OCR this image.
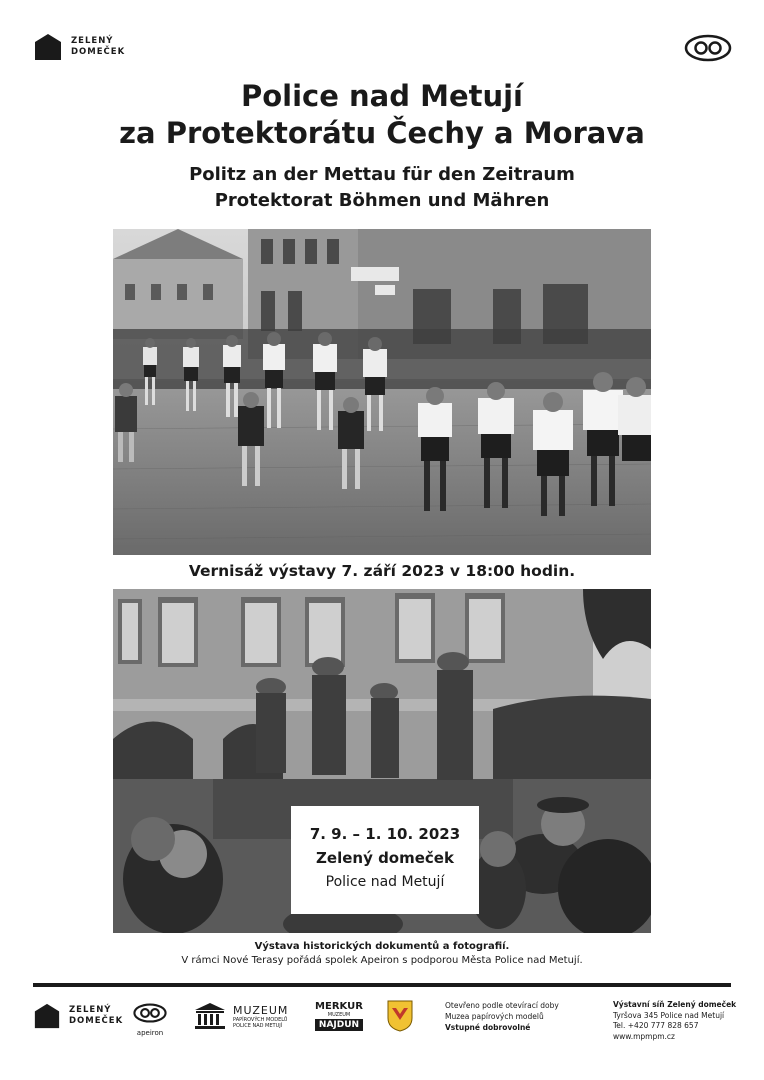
ZELENÝ
DOMEČEK
Police nad Metují
za Protektorátu Čechy a Morava
Politz an der Mettau für den Zeitraum
Protektorat Böhmen und Mähren
Vernisáž výstavy 7. září 2023 v 18:00 hodin.
7. 9. – 1. 10. 2023
Zelený domeček
Police nad Metují
Výstava historických dokumentů a fotografií.
V rámci Nové Terasy pořádá spolek Apeiron s podporou Města Police nad Metují.
ZELENÝ
DOMEČEK
apeiron
MUZEUM
PAPÍROVÝCH MODELŮ
POLICE NAD METUJÍ
MERKUR
MUZEUM
NAJDUN
Otevřeno podle otevírací doby
Muzea papírových modelů
Vstupné dobrovolné
Výstavní síň Zelený domeček
Tyršova 345 Police nad Metují
Tel. +420 777 828 657
www.mpmpm.cz
